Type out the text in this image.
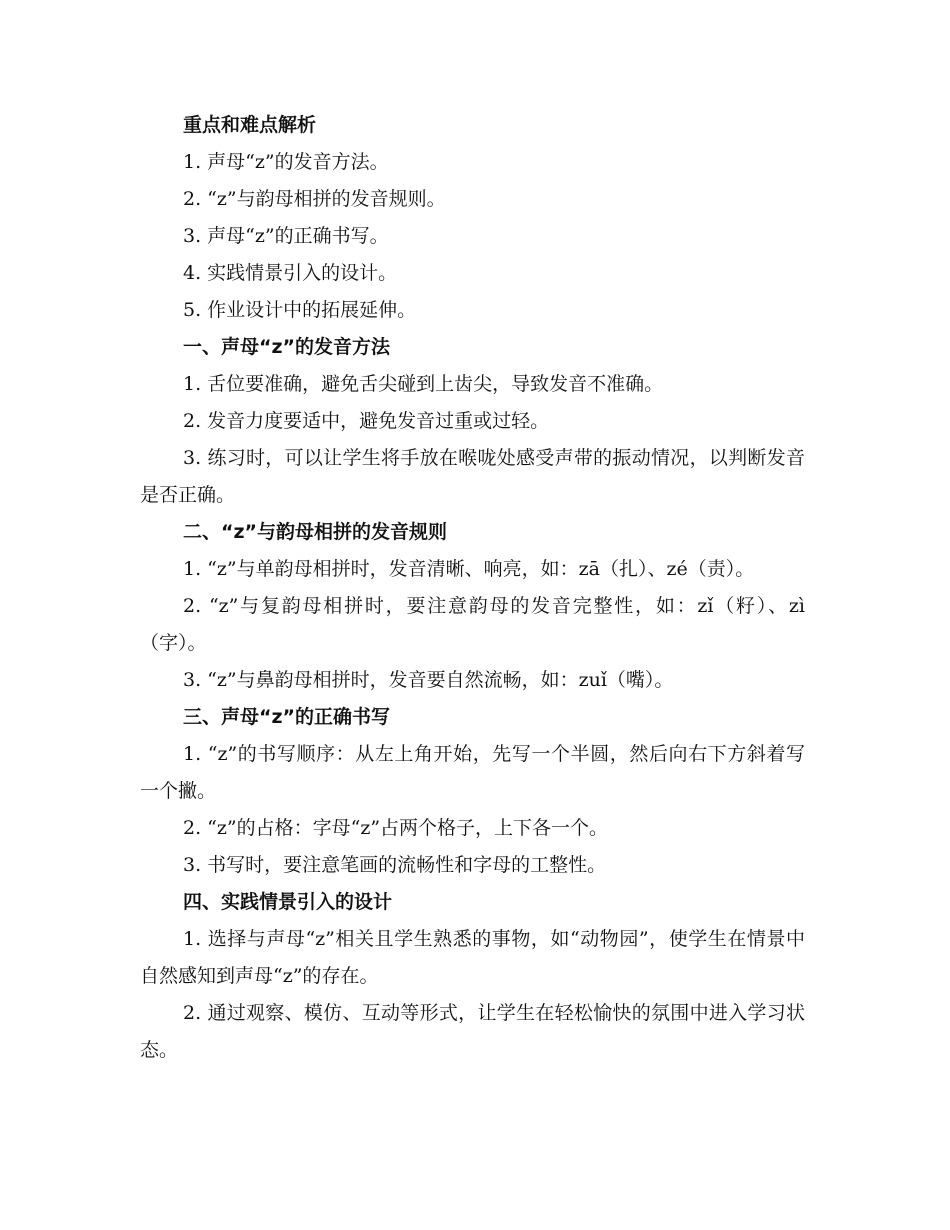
重点和难点解析

1. 声母“z”的发音方法。

2. “z”与韵母相拼的发音规则。

3. 声母“z”的正确书写。

4. 实践情景引入的设计。

5. 作业设计中的拓展延伸。

一、声母“z”的发音方法

1. 舌位要准确，避免舌尖碰到上齿尖，导致发音不准确。

2. 发音力度要适中，避免发音过重或过轻。

3. 练习时，可以让学生将手放在喉咙处感受声带的振动情况，以判断发音是否正确。

二、“z”与韵母相拼的发音规则

1. “z”与单韵母相拼时，发音清晰、响亮，如：zā（扎）、zé（责）。

2. “z”与复韵母相拼时，要注意韵母的发音完整性，如：zǐ（籽）、zì（字）。

3. “z”与鼻韵母相拼时，发音要自然流畅，如：zuǐ（嘴）。

三、声母“z”的正确书写

1. “z”的书写顺序：从左上角开始，先写一个半圆，然后向右下方斜着写一个撇。

2. “z”的占格：字母“z”占两个格子，上下各一个。

3. 书写时，要注意笔画的流畅性和字母的工整性。

四、实践情景引入的设计

1. 选择与声母“z”相关且学生熟悉的事物，如“动物园”，使学生在情景中自然感知到声母“z”的存在。

2. 通过观察、模仿、互动等形式，让学生在轻松愉快的氛围中进入学习状态。
